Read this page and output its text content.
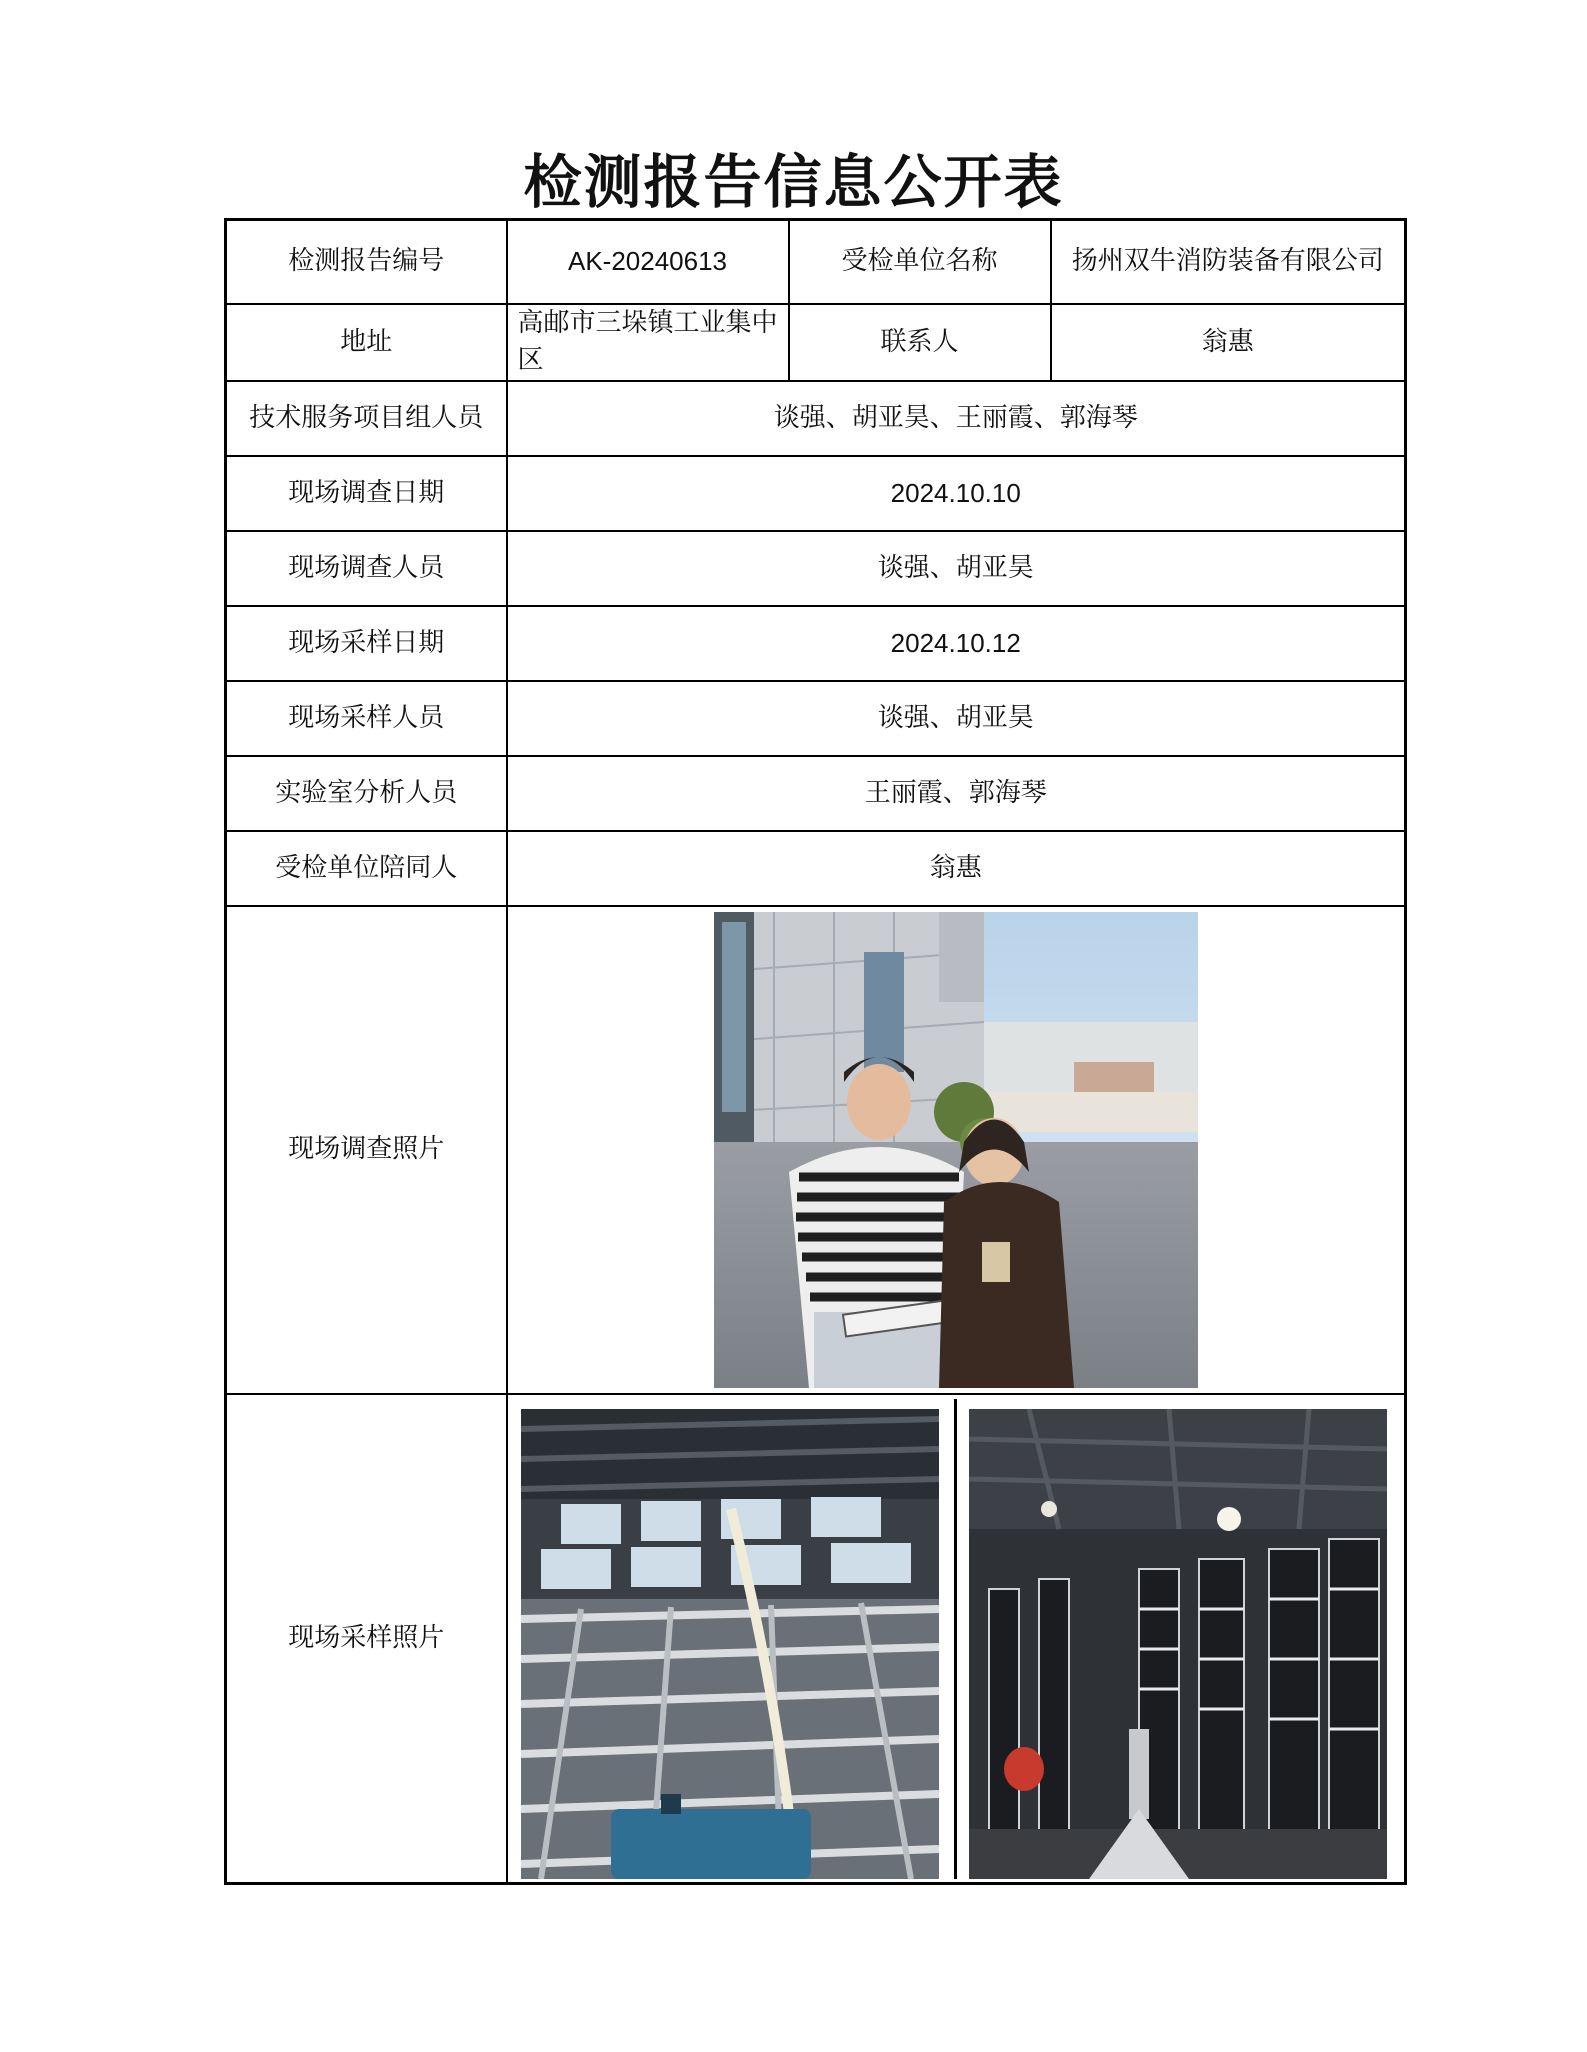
检测报告信息公开表
检测报告编号	AK-20240613	受检单位名称	扬州双牛消防装备有限公司
地址	高邮市三垛镇工业集中区	联系人	翁惠
技术服务项目组人员	谈强、胡亚昊、王丽霞、郭海琴		
现场调查日期	2024.10.10		
现场调查人员	谈强、胡亚昊		
现场采样日期	2024.10.12		
现场采样人员	谈强、胡亚昊		
实验室分析人员	王丽霞、郭海琴		
受检单位陪同人	翁惠		
现场调查照片	

现场采样照片	
